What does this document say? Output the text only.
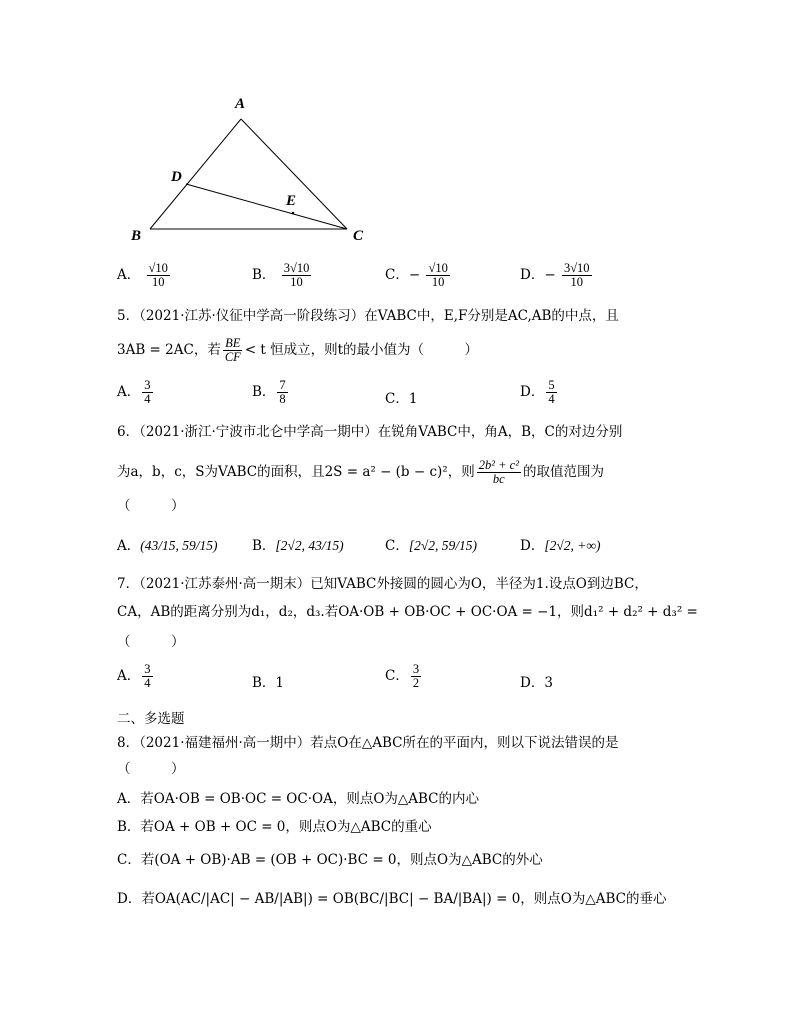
A
D
E
B	C
A． $\frac{√10}{10}$	B． $\frac{3√10}{10}$	C．− $\frac{√10}{10}$	D．− $\frac{3√10}{10}$
5．（2021·江苏·仪征中学高一阶段练习）在VABC中，E,F分别是AC,AB的中点，且
3AB = 2AC，若 $\frac{BE}{CF} < t$ 恒成立，则t的最小值为（　　　）
A． $\frac{3}{4}$	B． $\frac{7}{8}$	C．1	D． $\frac{5}{4}$
6．（2021·浙江·宁波市北仑中学高一期中）在锐角VABC中，角A，B，C的对边分别
为a，b，c，S为VABC的面积，且2S = a² − (b − c)²，则 $\frac{\text{2b² + c²}}{bc}$ 的取值范围为
（　　　）
A．(43/15, 59/15)	B．[2√2, 43/15)	C．[2√2, 59/15)	D．[2√2, +∞)
7．（2021·江苏泰州·高一期末）已知VABC外接圆的圆心为O，半径为1.设点O到边BC，
CA，AB的距离分别为d₁，d₂，d₃.若OA·OB + OB·OC + OC·OA = −1，则d₁² + d₂² + d₃² =
（　　　）
A． $\frac{3}{4}$	B．1	C． $\frac{3}{2}$	D．3
二、多选题
8．（2021·福建福州·高一期中）若点O在△ABC所在的平面内，则以下说法错误的是
（　　　）
A．若OA·OB = OB·OC = OC·OA，则点O为△ABC的内心
B．若OA + OB + OC = 0，则点O为△ABC的重心
C．若(OA + OB)·AB = (OB + OC)·BC = 0，则点O为△ABC的外心
D．若OA(AC/|AC| − AB/|AB|) = OB(BC/|BC| − BA/|BA|) = 0，则点O为△ABC的垂心
